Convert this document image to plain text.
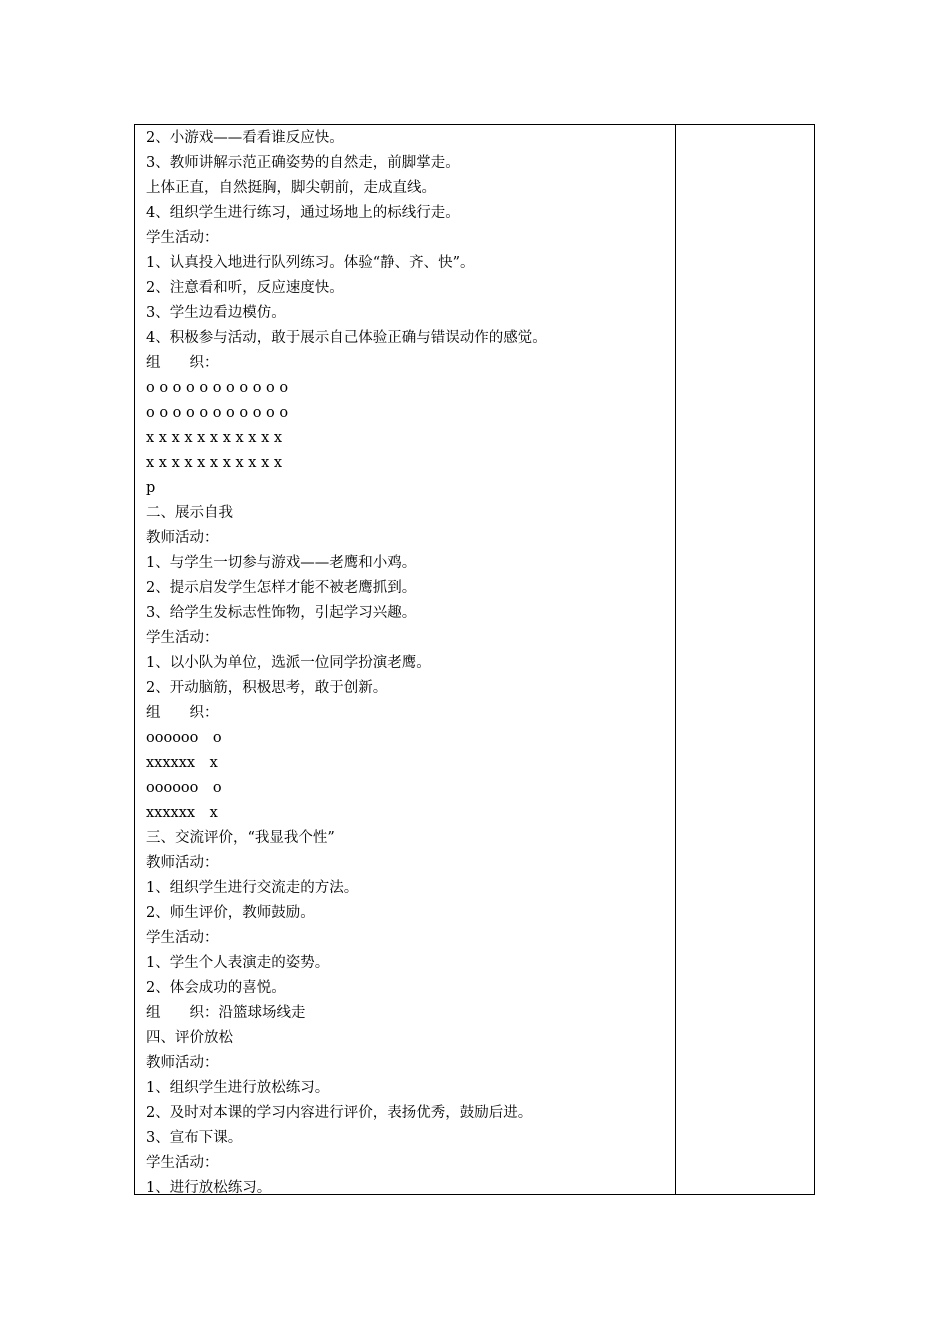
2、小游戏——看看谁反应快。
3、教师讲解示范正确姿势的自然走，前脚掌走。
上体正直，自然挺胸，脚尖朝前，走成直线。
4、组织学生进行练习，通过场地上的标线行走。
学生活动：
1、认真投入地进行队列练习。体验“静、齐、快”。
2、注意看和听，反应速度快。
3、学生边看边模仿。
4、积极参与活动，敢于展示自己体验正确与错误动作的感觉。
组　　织：
o o o o o o o o o o o
o o o o o o o o o o o
x x x x x x x x x x x
x x x x x x x x x x x
p
二、展示自我
教师活动：
1、与学生一切参与游戏——老鹰和小鸡。
2、提示启发学生怎样才能不被老鹰抓到。
3、给学生发标志性饰物，引起学习兴趣。
学生活动：
1、以小队为单位，选派一位同学扮演老鹰。
2、开动脑筋，积极思考，敢于创新。
组　　织：
oooooo　o
xxxxxx　x
oooooo　o
xxxxxx　x
三、交流评价，“我显我个性”
教师活动：
1、组织学生进行交流走的方法。
2、师生评价，教师鼓励。
学生活动：
1、学生个人表演走的姿势。
2、体会成功的喜悦。
组　　织：沿篮球场线走
四、评价放松
教师活动：
1、组织学生进行放松练习。
2、及时对本课的学习内容进行评价，表扬优秀，鼓励后进。
3、宣布下课。
学生活动：
1、进行放松练习。
